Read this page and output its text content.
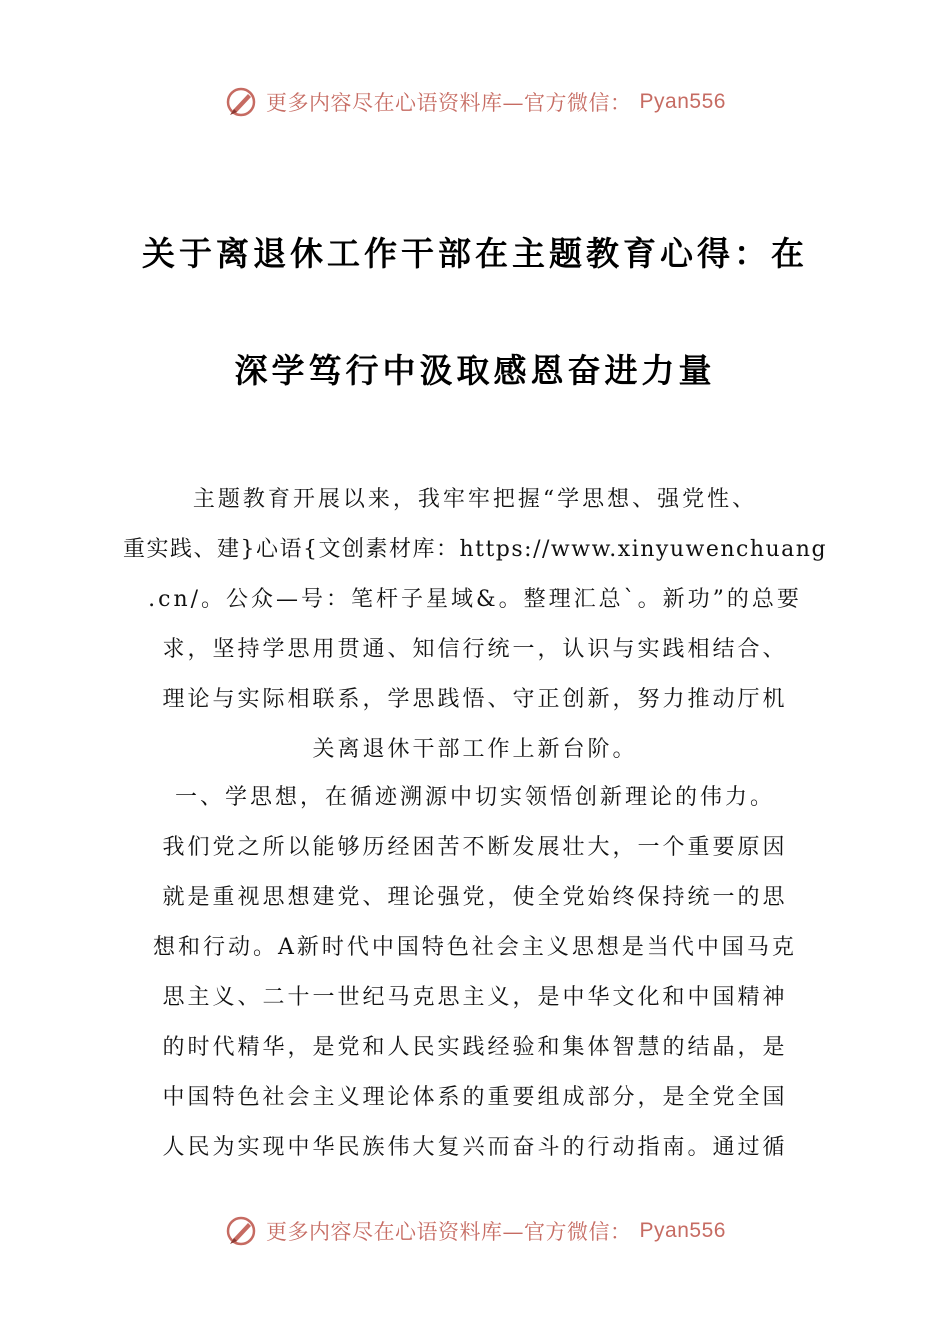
更多内容尽在心语资料库—官方微信： Pyan556
关于离退休工作干部在主题教育心得：在
深学笃行中汲取感恩奋进力量
主题教育开展以来，我牢牢把握“学思想、强党性、
重实践、建}心语{文创素材库：https://www.xinyuwenchuang
.cn/。公众—号：笔杆子星域&。整理汇总`。新功”的总要
求，坚持学思用贯通、知信行统一，认识与实践相结合、
理论与实际相联系，学思践悟、守正创新，努力推动厅机
关离退休干部工作上新台阶。
一、学思想，在循迹溯源中切实领悟创新理论的伟力。
我们党之所以能够历经困苦不断发展壮大，一个重要原因
就是重视思想建党、理论强党，使全党始终保持统一的思
想和行动。A新时代中国特色社会主义思想是当代中国马克
思主义、二十一世纪马克思主义，是中华文化和中国精神
的时代精华，是党和人民实践经验和集体智慧的结晶，是
中国特色社会主义理论体系的重要组成部分，是全党全国
人民为实现中华民族伟大复兴而奋斗的行动指南。通过循
更多内容尽在心语资料库—官方微信： Pyan556
